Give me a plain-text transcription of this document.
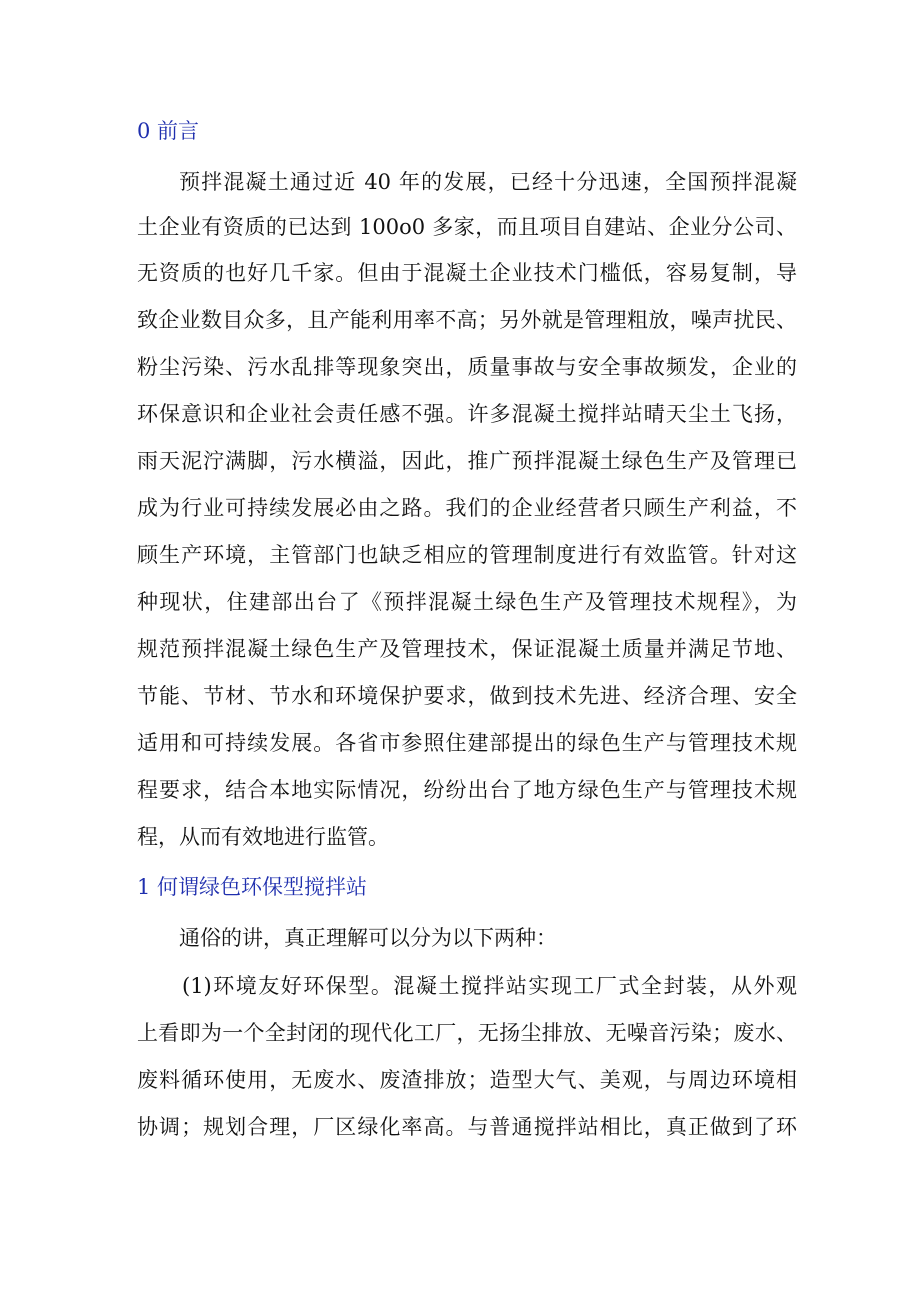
0 前言
预拌混凝土通过近 40 年的发展，已经十分迅速，全国预拌混凝
土企业有资质的已达到 100o0 多家，而且项目自建站、企业分公司、
无资质的也好几千家。但由于混凝土企业技术门槛低，容易复制，导
致企业数目众多，且产能利用率不高；另外就是管理粗放，噪声扰民、
粉尘污染、污水乱排等现象突出，质量事故与安全事故频发，企业的
环保意识和企业社会责任感不强。许多混凝土搅拌站晴天尘土飞扬，
雨天泥泞满脚，污水横溢，因此，推广预拌混凝土绿色生产及管理已
成为行业可持续发展必由之路。我们的企业经营者只顾生产利益，不
顾生产环境，主管部门也缺乏相应的管理制度进行有效监管。针对这
种现状，住建部出台了《预拌混凝土绿色生产及管理技术规程》，为
规范预拌混凝土绿色生产及管理技术，保证混凝土质量并满足节地、
节能、节材、节水和环境保护要求，做到技术先进、经济合理、安全
适用和可持续发展。各省市参照住建部提出的绿色生产与管理技术规
程要求，结合本地实际情况，纷纷出台了地方绿色生产与管理技术规
程，从而有效地进行监管。
1 何谓绿色环保型搅拌站
通俗的讲，真正理解可以分为以下两种：
(1)环境友好环保型。混凝土搅拌站实现工厂式全封装，从外观
上看即为一个全封闭的现代化工厂，无扬尘排放、无噪音污染；废水、
废料循环使用，无废水、废渣排放；造型大气、美观，与周边环境相
协调；规划合理，厂区绿化率高。与普通搅拌站相比，真正做到了环
